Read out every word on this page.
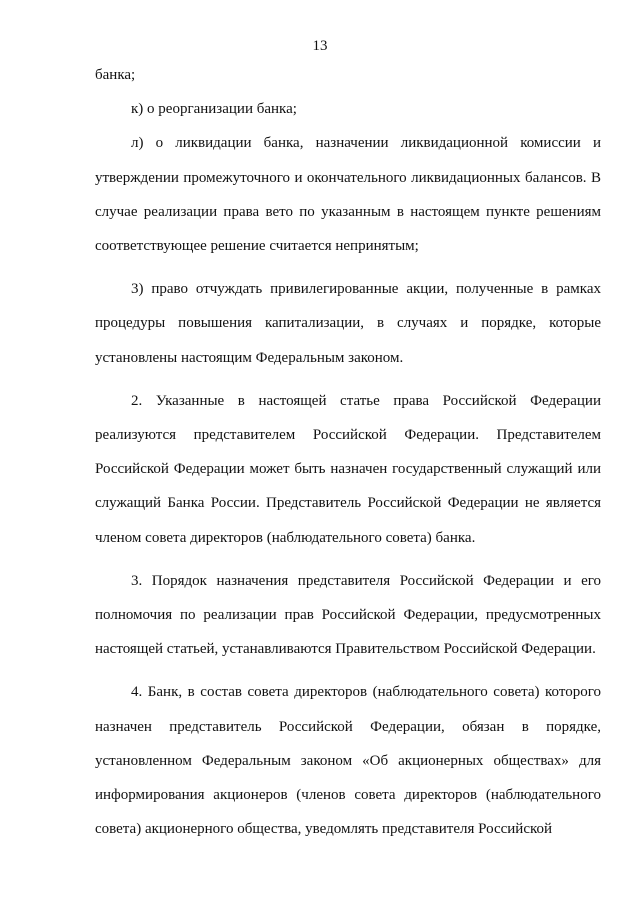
13

банка;

к) о реорганизации банка;

л) о ликвидации банка, назначении ликвидационной комиссии и утверждении промежуточного и окончательного ликвидационных балансов. В случае реализации права вето по указанным в настоящем пункте решениям соответствующее решение считается непринятым;

3) право отчуждать привилегированные акции, полученные в рамках процедуры повышения капитализации, в случаях и порядке, которые установлены настоящим Федеральным законом.

2. Указанные в настоящей статье права Российской Федерации реализуются представителем Российской Федерации. Представителем Российской Федерации может быть назначен государственный служащий или служащий Банка России. Представитель Российской Федерации не является членом совета директоров (наблюдательного совета) банка.

3. Порядок назначения представителя Российской Федерации и его полномочия по реализации прав Российской Федерации, предусмотренных настоящей статьей, устанавливаются Правительством Российской Федерации.

4. Банк, в состав совета директоров (наблюдательного совета) которого назначен представитель Российской Федерации, обязан в порядке, установленном Федеральным законом «Об акционерных обществах» для информирования акционеров (членов совета директоров (наблюдательного совета) акционерного общества, уведомлять представителя Российской
